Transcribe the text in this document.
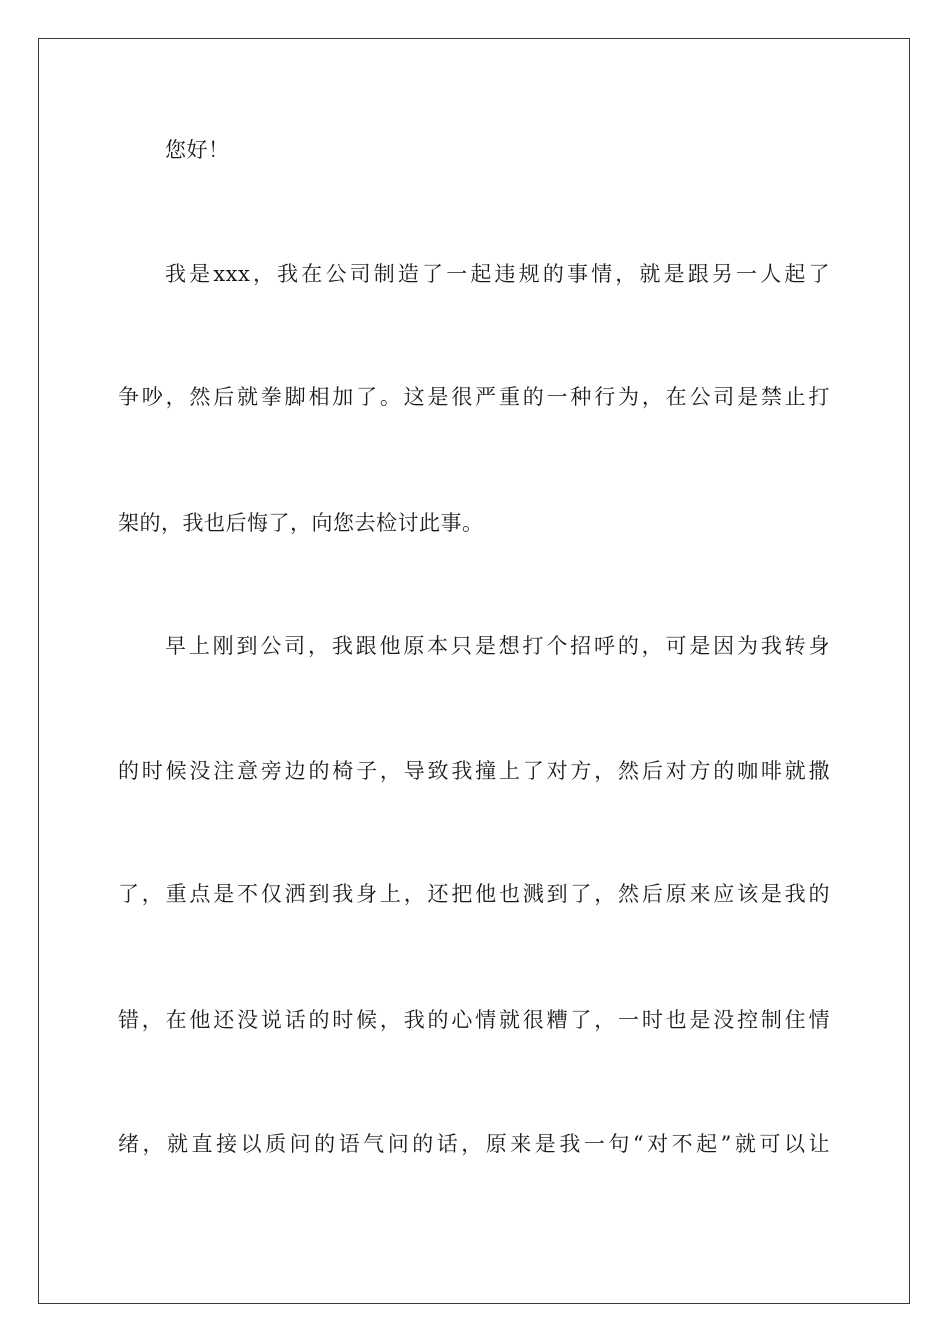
您好！
我是xxx，我在公司制造了一起违规的事情，就是跟另一人起了
争吵，然后就拳脚相加了。这是很严重的一种行为，在公司是禁止打
架的，我也后悔了，向您去检讨此事。
早上刚到公司，我跟他原本只是想打个招呼的，可是因为我转身
的时候没注意旁边的椅子，导致我撞上了对方，然后对方的咖啡就撒
了，重点是不仅洒到我身上，还把他也溅到了，然后原来应该是我的
错，在他还没说话的时候，我的心情就很糟了，一时也是没控制住情
绪，就直接以质问的语气问的话，原来是我一句“对不起”就可以让
